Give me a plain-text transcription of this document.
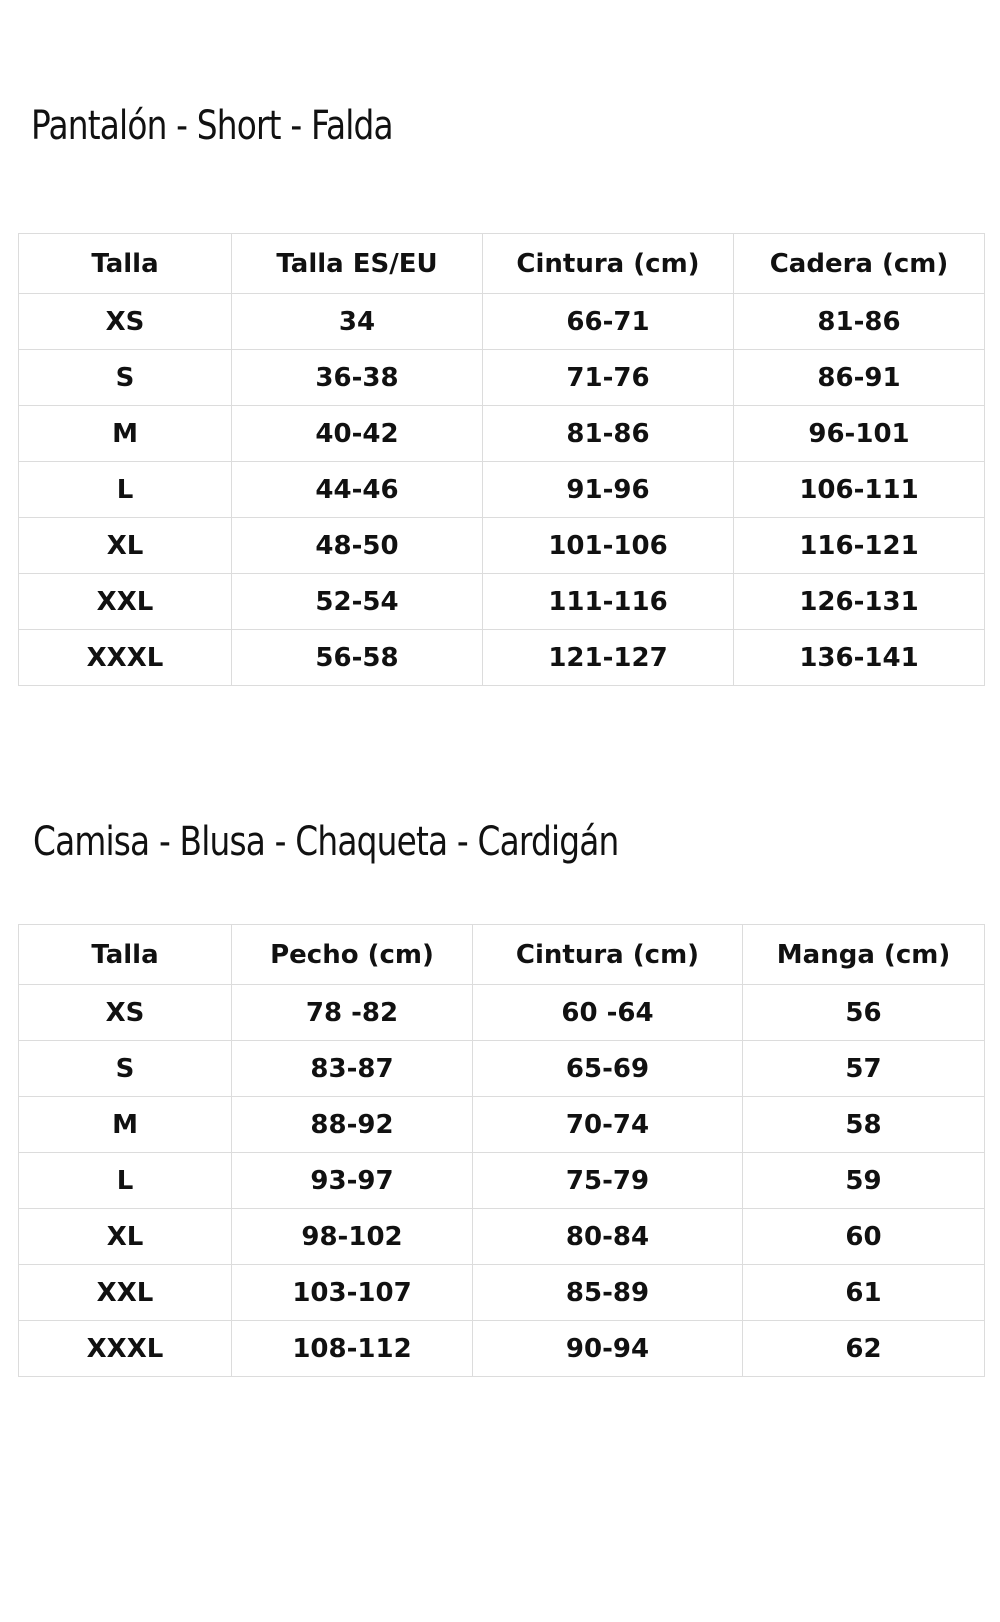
Pantalón - Short - Falda
Talla	Talla ES/EU	Cintura (cm)	Cadera (cm)
XS	34	66-71	81-86
S	36-38	71-76	86-91
M	40-42	81-86	96-101
L	44-46	91-96	106-111
XL	48-50	101-106	116-121
XXL	52-54	111-116	126-131
XXXL	56-58	121-127	136-141
Camisa - Blusa - Chaqueta - Cardigán
Talla	Pecho (cm)	Cintura (cm)	Manga (cm)
XS	78 -82	60 -64	56
S	83-87	65-69	57
M	88-92	70-74	58
L	93-97	75-79	59
XL	98-102	80-84	60
XXL	103-107	85-89	61
XXXL	108-112	90-94	62
